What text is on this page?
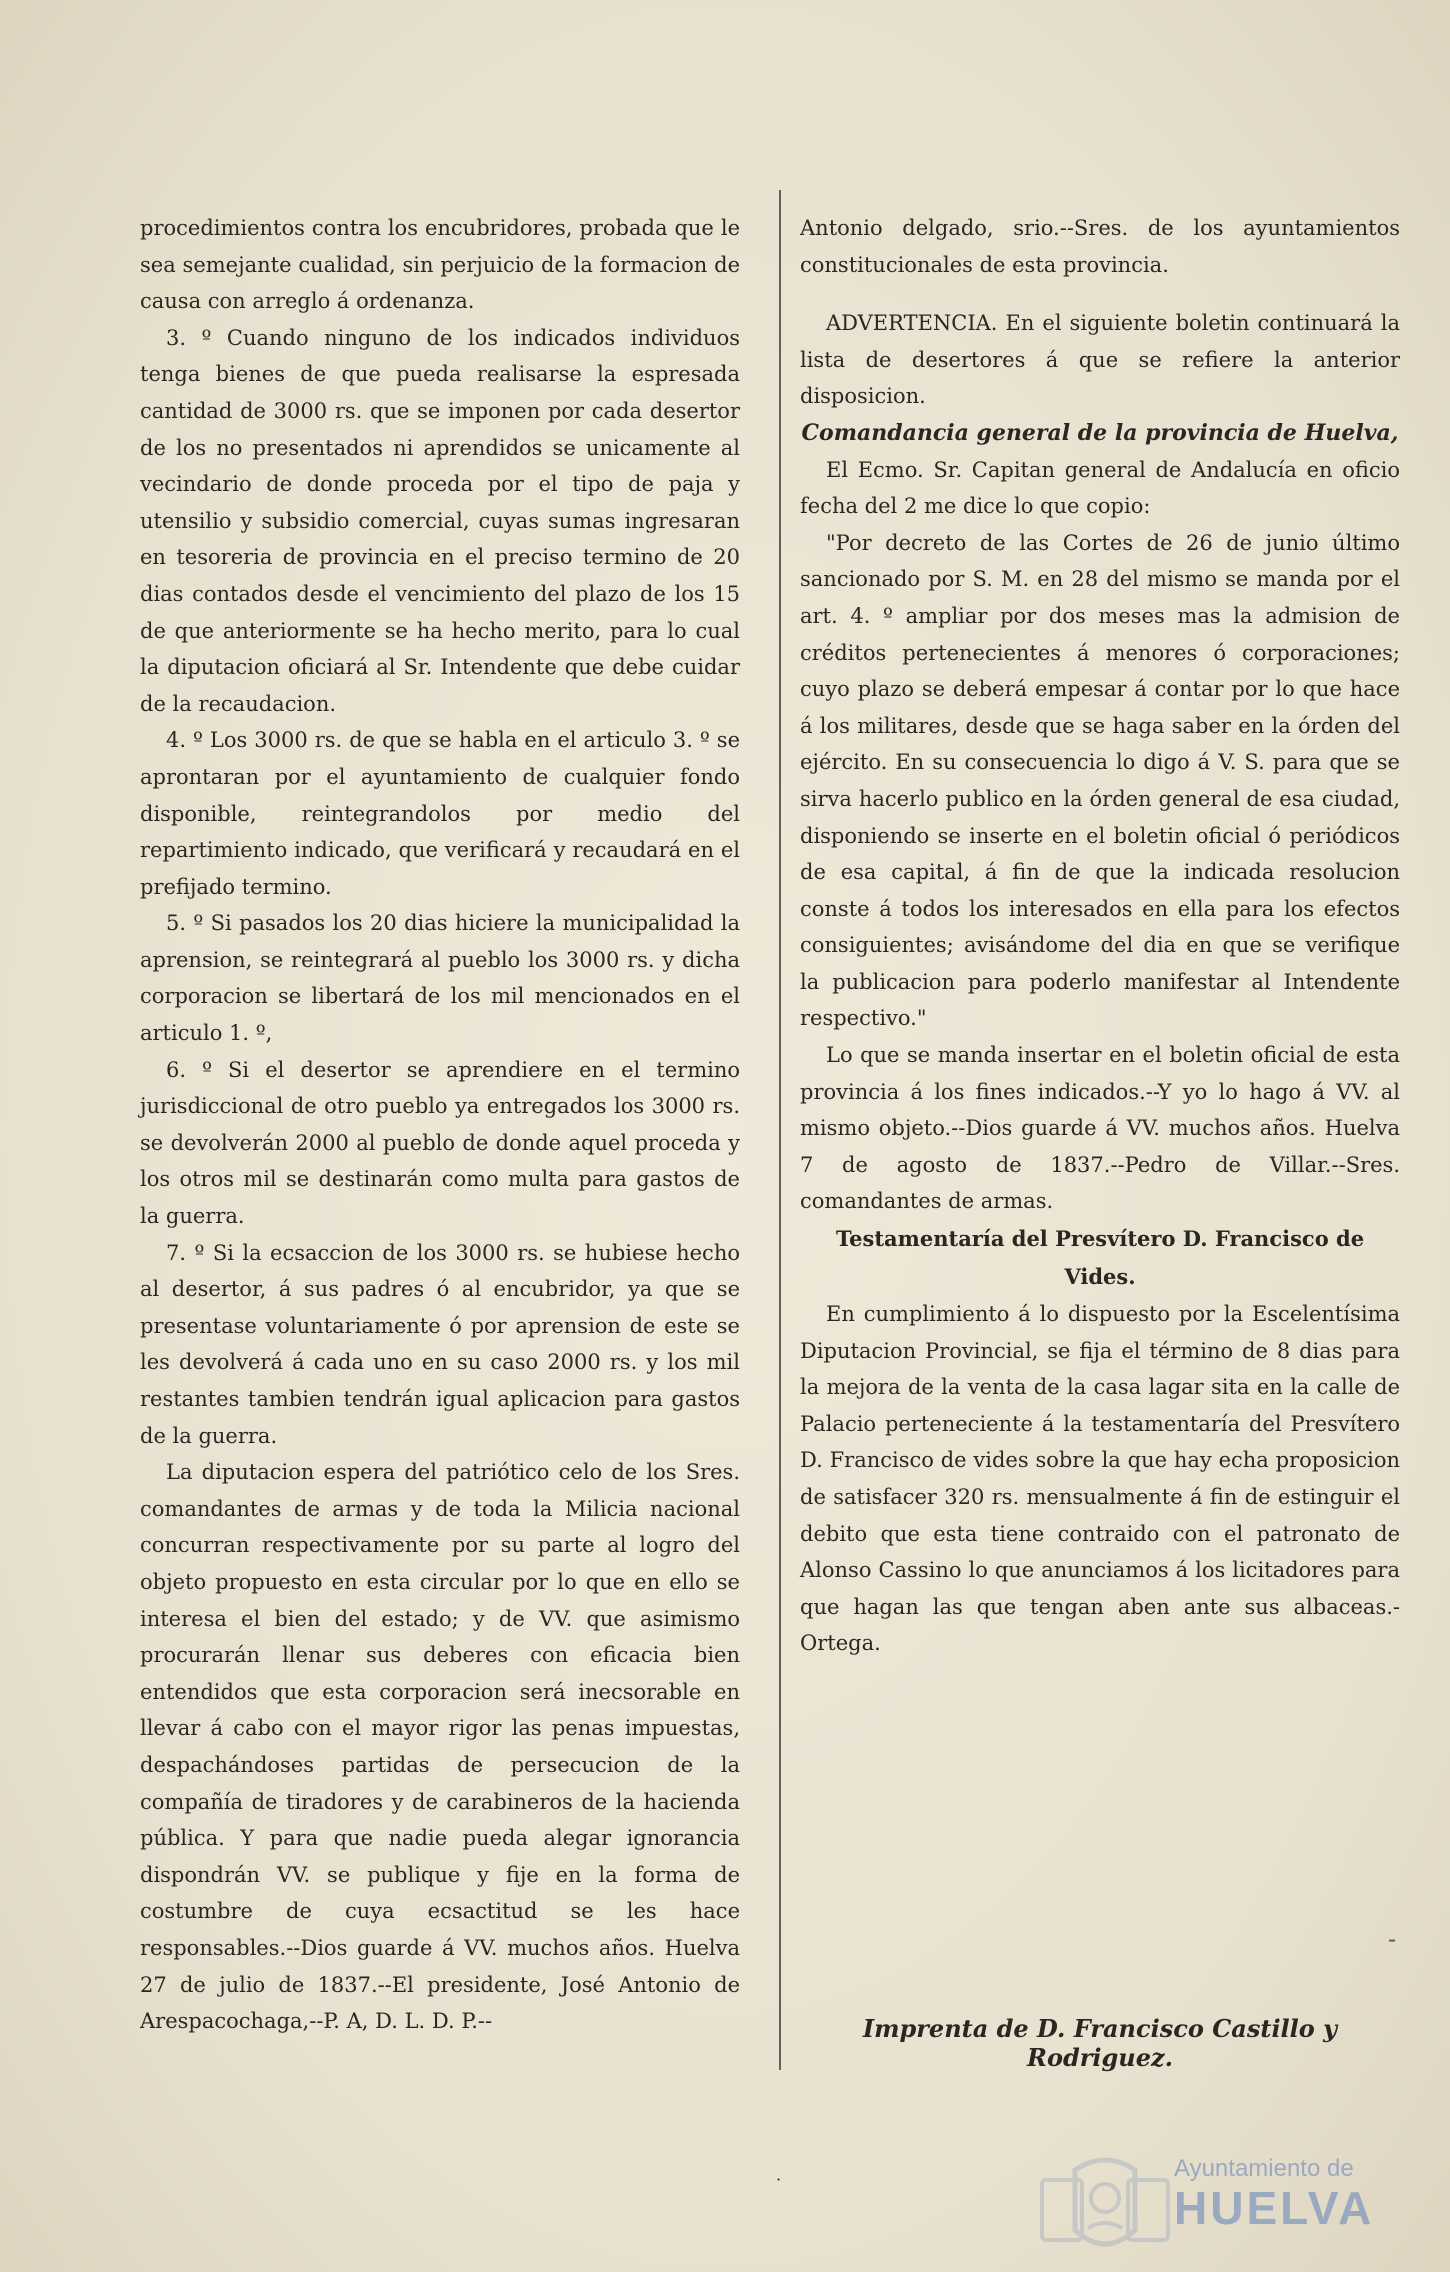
procedimientos contra los encubridores, probada que le sea semejante cualidad, sin perjuicio de la formacion de causa con arreglo á ordenanza.

3. º Cuando ninguno de los indicados individuos tenga bienes de que pueda realisarse la espresada cantidad de 3000 rs. que se imponen por cada desertor de los no presentados ni aprendidos se unicamente al vecindario de donde proceda por el tipo de paja y utensilio y subsidio comercial, cuyas sumas ingresaran en tesoreria de provincia en el preciso termino de 20 dias contados desde el vencimiento del plazo de los 15 de que anteriormente se ha hecho merito, para lo cual la diputacion oficiará al Sr. Intendente que debe cuidar de la recaudacion.

4. º Los 3000 rs. de que se habla en el articulo 3. º se aprontaran por el ayuntamiento de cualquier fondo disponible, reintegrandolos por medio del repartimiento indicado, que verificará y recaudará en el prefijado termino.

5. º Si pasados los 20 dias hiciere la municipalidad la aprension, se reintegrará al pueblo los 3000 rs. y dicha corporacion se libertará de los mil mencionados en el articulo 1. º,

6. º Si el desertor se aprendiere en el termino jurisdiccional de otro pueblo ya entregados los 3000 rs. se devolverán 2000 al pueblo de donde aquel proceda y los otros mil se destinarán como multa para gastos de la guerra.

7. º Si la ecsaccion de los 3000 rs. se hubiese hecho al desertor, á sus padres ó al encubridor, ya que se presentase voluntariamente ó por aprension de este se les devolverá á cada uno en su caso 2000 rs. y los mil restantes tambien tendrán igual aplicacion para gastos de la guerra.

La diputacion espera del patriótico celo de los Sres. comandantes de armas y de toda la Milicia nacional concurran respectivamente por su parte al logro del objeto propuesto en esta circular por lo que en ello se interesa el bien del estado; y de VV. que asimismo procurarán llenar sus deberes con eficacia bien entendidos que esta corporacion será inecsorable en llevar á cabo con el mayor rigor las penas impuestas, despachándoses partidas de persecucion de la compañía de tiradores y de carabineros de la hacienda pública. Y para que nadie pueda alegar ignorancia dispondrán VV. se publique y fije en la forma de costumbre de cuya ecsactitud se les hace responsables.--Dios guarde á VV. muchos años. Huelva 27 de julio de 1837.--El presidente, José Antonio de Arespacochaga,--P. A, D. L. D. P.--

Antonio delgado, srio.--Sres. de los ayuntamientos constitucionales de esta provincia.

ADVERTENCIA. En el siguiente boletin continuará la lista de desertores á que se refiere la anterior disposicion.

Comandancia general de la provincia de Huelva,

El Ecmo. Sr. Capitan general de Andalucía en oficio fecha del 2 me dice lo que copio:

"Por decreto de las Cortes de 26 de junio último sancionado por S. M. en 28 del mismo se manda por el art. 4. º ampliar por dos meses mas la admision de créditos pertenecientes á menores ó corporaciones; cuyo plazo se deberá empesar á contar por lo que hace á los militares, desde que se haga saber en la órden del ejército. En su consecuencia lo digo á V. S. para que se sirva hacerlo publico en la órden general de esa ciudad, disponiendo se inserte en el boletin oficial ó periódicos de esa capital, á fin de que la indicada resolucion conste á todos los interesados en ella para los efectos consiguientes; avisándome del dia en que se verifique la publicacion para poderlo manifestar al Intendente respectivo."

Lo que se manda insertar en el boletin oficial de esta provincia á los fines indicados.--Y yo lo hago á VV. al mismo objeto.--Dios guarde á VV. muchos años. Huelva 7 de agosto de 1837.--Pedro de Villar.--Sres. comandantes de armas.

Testamentaría del Presvítero D. Francisco de Vides.

En cumplimiento á lo dispuesto por la Escelentísima Diputacion Provincial, se fija el término de 8 dias para la mejora de la venta de la casa lagar sita en la calle de Palacio perteneciente á la testamentaría del Presvítero D. Francisco de vides sobre la que hay echa proposicion de satisfacer 320 rs. mensualmente á fin de estinguir el debito que esta tiene contraido con el patronato de Alonso Cassino lo que anunciamos á los licitadores para que hagan las que tengan aben ante sus albaceas.-Ortega.

-
Imprenta de D. Francisco Castillo y Rodriguez.
·	Ayuntamiento de
HUELVA
